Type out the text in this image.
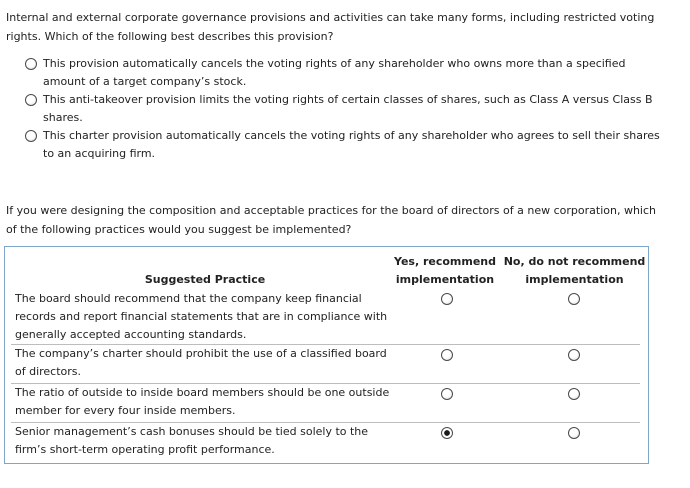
Internal and external corporate governance provisions and activities can take many forms, including restricted voting rights. Which of the following best describes this provision?
This provision automatically cancels the voting rights of any shareholder who owns more than a specified amount of a target company’s stock.
This anti-takeover provision limits the voting rights of certain classes of shares, such as Class A versus Class B shares.
This charter provision automatically cancels the voting rights of any shareholder who agrees to sell their shares to an acquiring firm.
If you were designing the composition and acceptable practices for the board of directors of a new corporation, which of the following practices would you suggest be implemented?
Suggested Practice
Yes, recommend
implementation
No, do not recommend
implementation
The board should recommend that the company keep financial records and report financial statements that are in compliance with generally accepted accounting standards.
The company’s charter should prohibit the use of a classified board of directors.
The ratio of outside to inside board members should be one outside member for every four inside members.
Senior management’s cash bonuses should be tied solely to the firm’s short-term operating profit performance.
